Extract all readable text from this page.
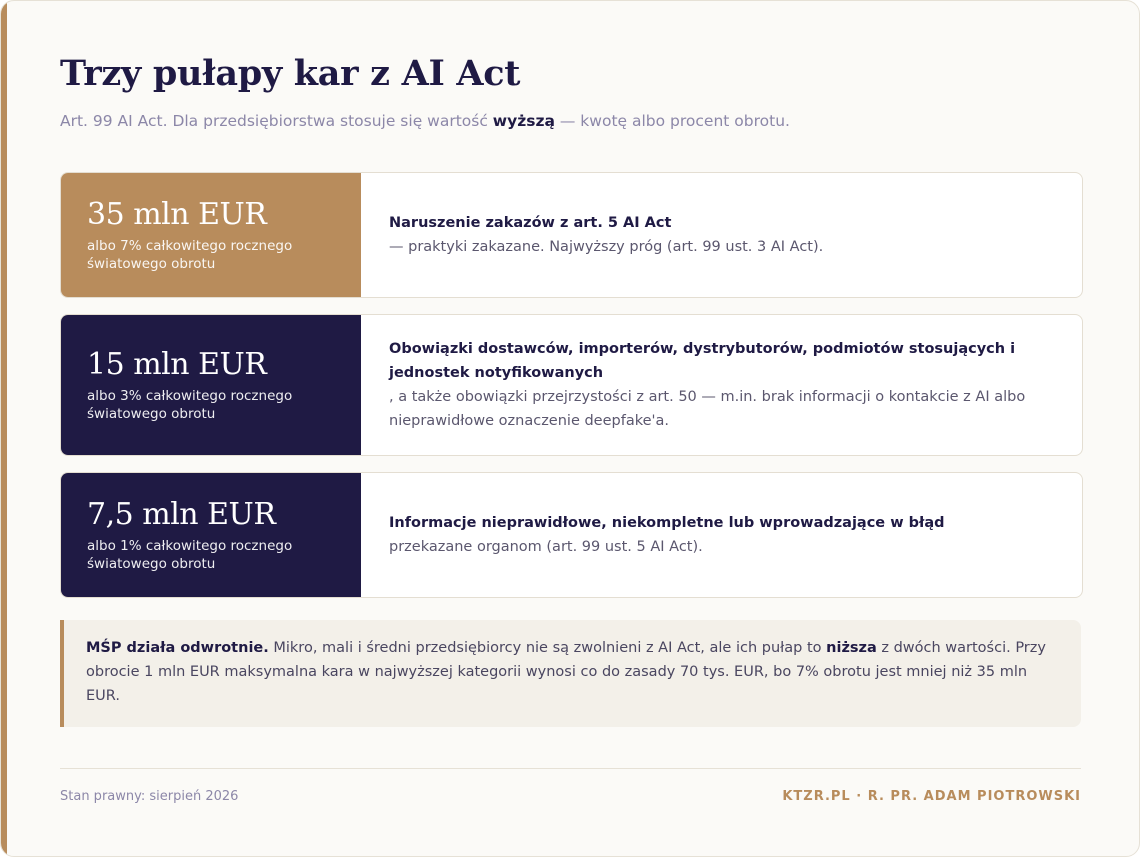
Trzy pułapy kar z AI Act

Art. 99 AI Act. Dla przedsiębiorstwa stosuje się wartość wyższą — kwotę albo procent obrotu.

35 mln EUR
albo 7% całkowitego rocznego światowego obrotu
Naruszenie zakazów z art. 5 AI Act
— praktyki zakazane. Najwyższy próg (art. 99 ust. 3 AI Act).
15 mln EUR
albo 3% całkowitego rocznego światowego obrotu
Obowiązki dostawców, importerów, dystrybutorów, podmiotów stosujących i jednostek notyfikowanych
, a także obowiązki przejrzystości z art. 50 — m.in. brak informacji o kontakcie z AI albo nieprawidłowe oznaczenie deepfake'a.
7,5 mln EUR
albo 1% całkowitego rocznego światowego obrotu
Informacje nieprawidłowe, niekompletne lub wprowadzające w błąd
przekazane organom (art. 99 ust. 5 AI Act).
MŚP działa odwrotnie. Mikro, mali i średni przedsiębiorcy nie są zwolnieni z AI Act, ale ich pułap to niższa z dwóch wartości. Przy obrocie 1 mln EUR maksymalna kara w najwyższej kategorii wynosi co do zasady 70 tys. EUR, bo 7% obrotu jest mniej niż 35 mln EUR.
Stan prawny: sierpień 2026	KTZR.PL · R. PR. ADAM PIOTROWSKI
